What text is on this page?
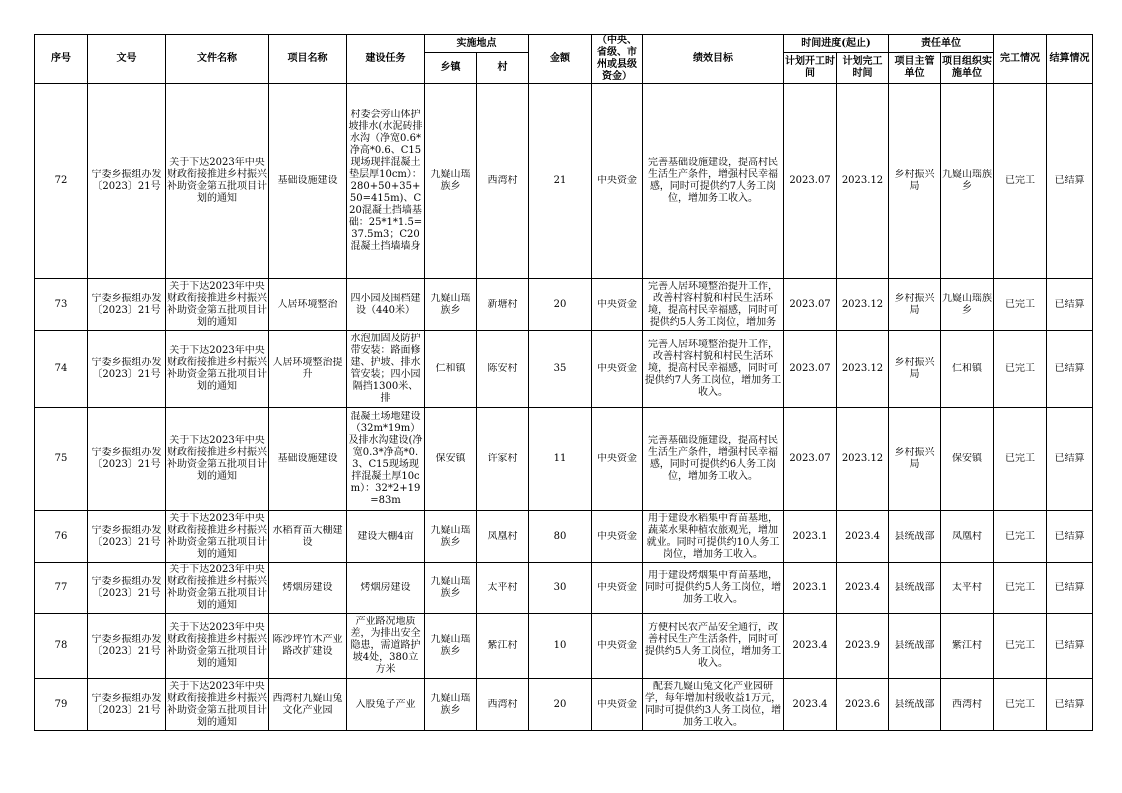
序号	文号	文件名称	项目名称	建设任务	实施地点		金额	（中央、省级、市州或县级资金）	绩效目标	时间进度(起止)		责任单位		完工情况	结算情况
					乡镇	村				计划开工时间	计划完工时间	项目主管单位	项目组织实施单位		

72	宁委乡振组办发〔2023〕21号	关于下达2023年中央财政衔接推进乡村振兴补助资金第五批项目计划的通知	基础设施建设	村委会旁山体护坡排水(水泥砖排水沟（净宽0.6*净高*0.6、C15现场现拌混凝土垫层厚10cm）：280+50+35+50=415m)、C20混凝土挡墙基础：25*1*1.5=37.5m3；C20混凝土挡墙墙身	九嶷山瑶族乡	西湾村	21	中央资金	完善基础设施建设，提高村民生活生产条件，增强村民幸福感，同时可提供约7人务工岗位，增加务工收入。	2023.07	2023.12	乡村振兴局	九嶷山瑶族乡	已完工	已结算

73	宁委乡振组办发〔2023〕21号	关于下达2023年中央财政衔接推进乡村振兴补助资金第五批项目计划的通知	人居环境整治	四小园及围档建设（440米）	九嶷山瑶族乡	新塘村	20	中央资金	完善人居环境整治提升工作，改善村容村貌和村民生活环境，提高村民幸福感，同时可提供约5人务工岗位，增加务	2023.07	2023.12	乡村振兴局	九嶷山瑶族乡	已完工	已结算

74	宁委乡振组办发〔2023〕21号	关于下达2023年中央财政衔接推进乡村振兴补助资金第五批项目计划的通知	人居环境整治提升	水泡加固及防护带安装：路面修建、护坡、排水管安装；四小园隔挡1300米、排	仁和镇	陈安村	35	中央资金	完善人居环境整治提升工作，改善村容村貌和村民生活环境，提高村民幸福感，同时可提供约7人务工岗位，增加务工收入。	2023.07	2023.12	乡村振兴局	仁和镇	已完工	已结算

75	宁委乡振组办发〔2023〕21号	关于下达2023年中央财政衔接推进乡村振兴补助资金第五批项目计划的通知	基础设施建设	混凝土场地建设（32m*19m）及排水沟建设(净宽0.3*净高*0.3、C15现场现拌混凝土厚10cm）：32*2+19=83m	保安镇	许家村	11	中央资金	完善基础设施建设，提高村民生活生产条件，增强村民幸福感，同时可提供约6人务工岗位，增加务工收入。	2023.07	2023.12	乡村振兴局	保安镇	已完工	已结算

76	宁委乡振组办发〔2023〕21号	关于下达2023年中央财政衔接推进乡村振兴补助资金第五批项目计划的通知	水稻育苗大棚建设	建设大棚4亩	九嶷山瑶族乡	凤凰村	80	中央资金	用于建设水稻集中育苗基地，蔬菜水果种植农旅观光，增加就业。同时可提供约10人务工岗位，增加务工收入。	2023.1	2023.4	县统战部	凤凰村	已完工	已结算

77	宁委乡振组办发〔2023〕21号	关于下达2023年中央财政衔接推进乡村振兴补助资金第五批项目计划的通知	烤烟房建设	烤烟房建设	九嶷山瑶族乡	太平村	30	中央资金	用于建设烤烟集中育苗基地，同时可提供约5人务工岗位，增加务工收入。	2023.1	2023.4	县统战部	太平村	已完工	已结算

78	宁委乡振组办发〔2023〕21号	关于下达2023年中央财政衔接推进乡村振兴补助资金第五批项目计划的通知	陈沙坪竹木产业路改扩建设	产业路况地质差，为排出安全隐患，需道路护坡4处，380立方米	九嶷山瑶族乡	紫江村	10	中央资金	方便村民农产品安全通行，改善村民生产生活条件，同时可提供约5人务工岗位，增加务工收入。	2023.4	2023.9	县统战部	紫江村	已完工	已结算

79	宁委乡振组办发〔2023〕21号	关于下达2023年中央财政衔接推进乡村振兴补助资金第五批项目计划的通知	西湾村九嶷山兔文化产业园	入股兔子产业	九嶷山瑶族乡	西湾村	20	中央资金	配套九嶷山兔文化产业园研学，每年增加村级收益1万元，同时可提供约3人务工岗位，增加务工收入。	2023.4	2023.6	县统战部	西湾村	已完工	已结算
